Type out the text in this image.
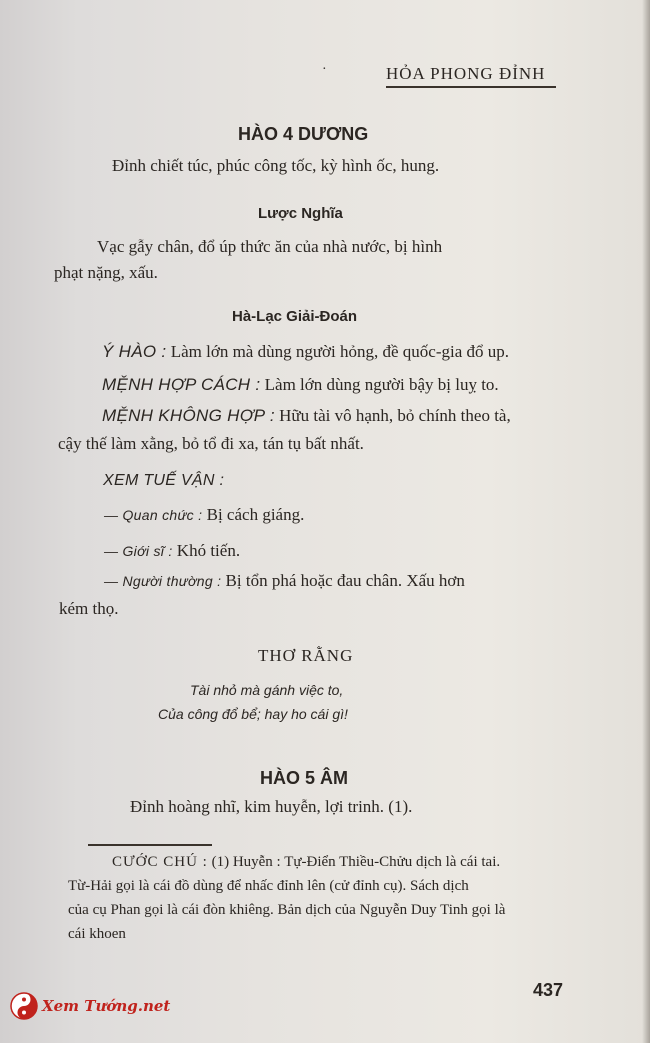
·	HỎA PHONG ĐỈNH
HÀO 4 DƯƠNG
Đỉnh chiết túc, phúc công tốc, kỳ hình ốc, hung.
Lược Nghĩa
Vạc gẫy chân, đổ úp thức ăn của nhà nước, bị hình
phạt nặng, xấu.
Hà-Lạc Giải-Đoán
Ý HÀO : Làm lớn mà dùng người hỏng, đề quốc-gia đổ up.
MỆNH HỢP CÁCH : Làm lớn dùng người bậy bị luỵ to.
MỆNH KHÔNG HỢP : Hữu tài vô hạnh, bỏ chính theo tà,
cậy thế làm xằng, bỏ tổ đi xa, tán tụ bất nhất.
XEM TUẾ VẬN :
— Quan chức : Bị cách giáng.
— Giới sĩ : Khó tiến.
— Người thường : Bị tổn phá hoặc đau chân. Xấu hơn
kém thọ.
THƠ RẰNG
Tài nhỏ mà gánh việc to,
Của công đổ bể; hay ho cái gì!
HÀO 5 ÂM
Đỉnh hoàng nhĩ, kim huyễn, lợi trinh. (1).
CƯỚC CHÚ : (1) Huyễn : Tự-Điển Thiều-Chửu dịch là cái tai.
Từ-Hải gọi là cái đồ dùng để nhấc đỉnh lên (cử đỉnh cụ). Sách dịch
của cụ Phan gọi là cái đòn khiêng. Bản dịch của Nguyễn Duy Tinh gọi là
cái khoen
437
Xem Tướng.net
